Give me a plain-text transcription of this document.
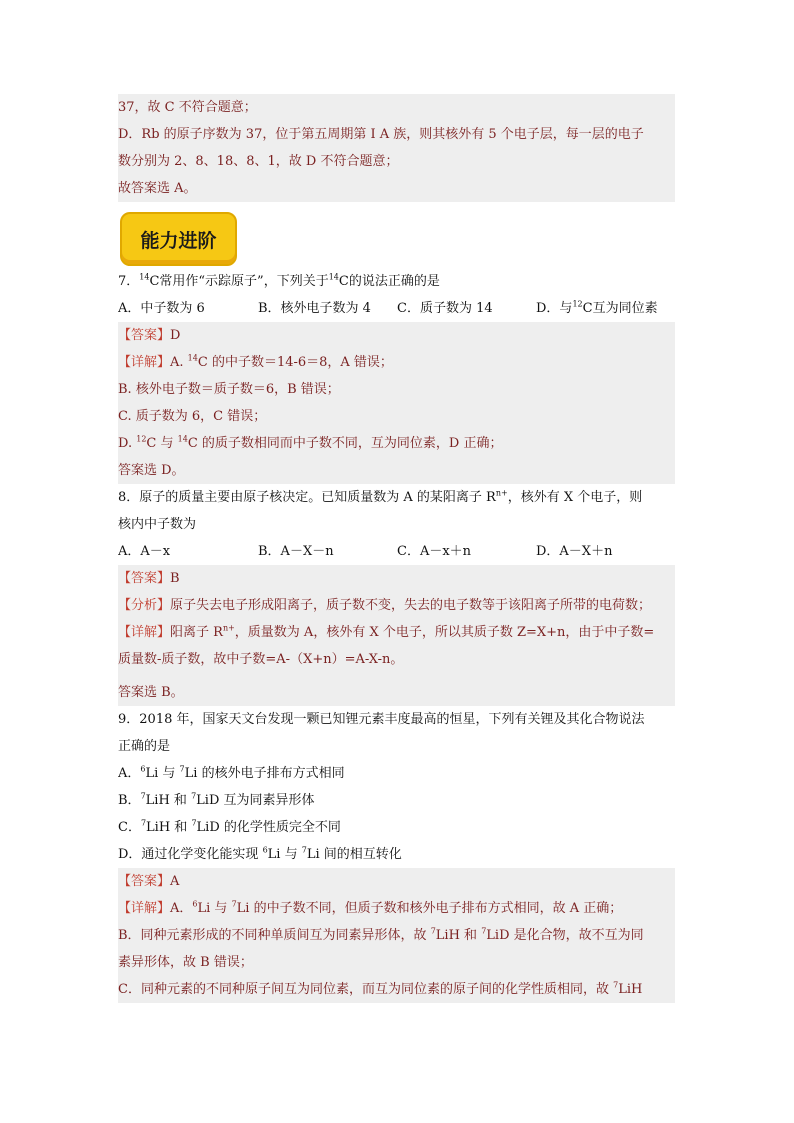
37，故 C 不符合题意；
D．Rb 的原子序数为 37，位于第五周期第 I A 族，则其核外有 5 个电子层，每一层的电子
数分别为 2、8、18、8、1，故 D 不符合题意；
故答案选 A。
能力进阶
7．$^{14}$C常用作“示踪原子”，下列关于$^{14}$C的说法正确的是
A．中子数为 6	B．核外电子数为 4	C．质子数为 14	D．与$^{12}$C互为同位素
【答案】D
【详解】A. $^{14}$C 的中子数＝14-6＝8，A 错误；
B. 核外电子数＝质子数＝6，B 错误；
C. 质子数为 6，C 错误；
D. $^{12}$C 与 $^{14}$C 的质子数相同而中子数不同，互为同位素，D 正确；
答案选 D。
8．原子的质量主要由原子核决定。已知质量数为 A 的某阳离子 $R^{n+}$，核外有 X 个电子，则
核内中子数为
A．A－x	B．A－X－n	C．A－x＋n	D．A－X＋n
【答案】B
【分析】原子失去电子形成阳离子，质子数不变，失去的电子数等于该阳离子所带的电荷数；
【详解】阳离子 $R^{n+}$，质量数为 A，核外有 X 个电子，所以其质子数 Z=X+n，由于中子数=
质量数-质子数，故中子数=A-（X+n）=A-X-n。
答案选 B。
9．2018 年，国家天文台发现一颗已知锂元素丰度最高的恒星，下列有关锂及其化合物说法
正确的是
A．$^6$Li 与 $^7$Li 的核外电子排布方式相同
B．$^7$LiH 和 $^7$LiD 互为同素异形体
C．$^7$LiH 和 $^7$LiD 的化学性质完全不同
D．通过化学变化能实现 $^6$Li 与 $^7$Li 间的相互转化
【答案】A
【详解】A．$^6$Li 与 $^7$Li 的中子数不同，但质子数和核外电子排布方式相同，故 A 正确；
B．同种元素形成的不同种单质间互为同素异形体，故 $^7$LiH 和 $^7$LiD 是化合物，故不互为同
素异形体，故 B 错误；
C．同种元素的不同种原子间互为同位素，而互为同位素的原子间的化学性质相同，故 $^7$LiH
